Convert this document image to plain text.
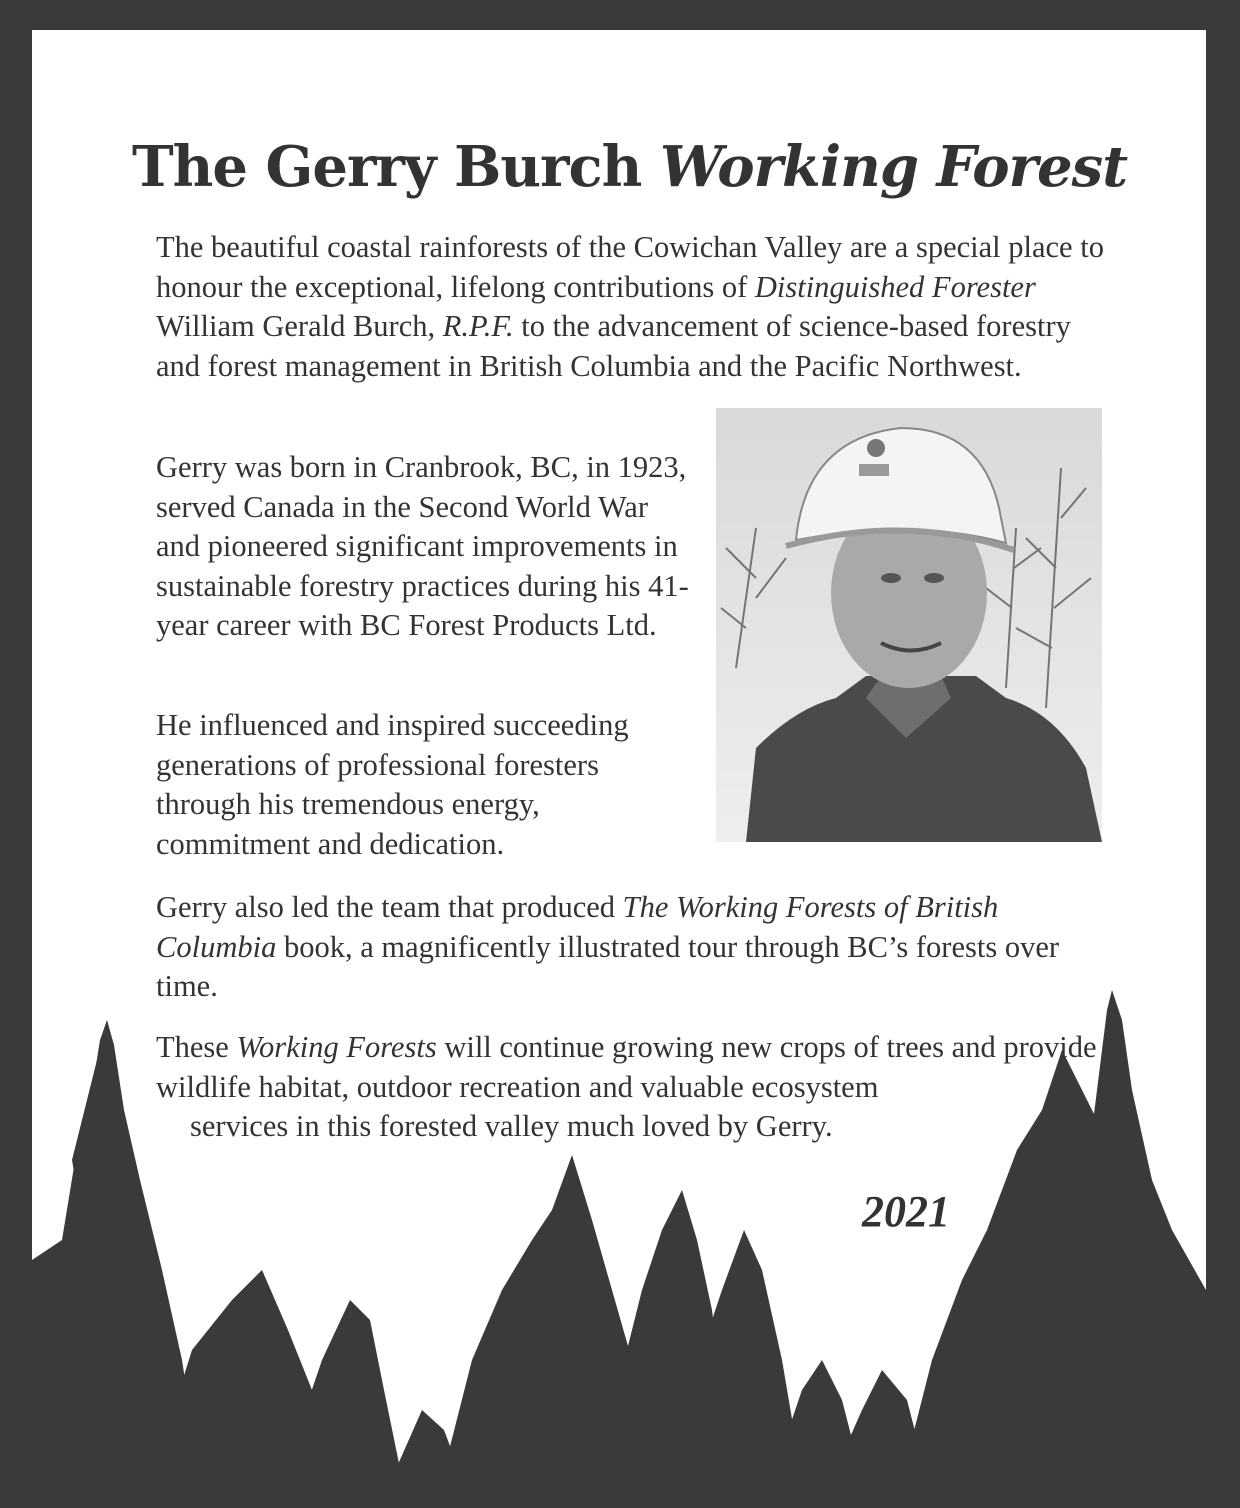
The Gerry Burch Working Forest

The beautiful coastal rainforests of the Cowichan Valley are a special place to honour the exceptional, lifelong contributions of Distinguished Forester William Gerald Burch, R.P.F. to the advancement of science-based forestry and forest management in British Columbia and the Pacific Northwest.

Gerry was born in Cranbrook, BC, in 1923, served Canada in the Second World War and pioneered significant improvements in sustainable forestry practices during his 41-year career with BC Forest Products Ltd.

He influenced and inspired succeeding generations of professional foresters through his tremendous energy, commitment and dedication.

Gerry also led the team that produced The Working Forests of British Columbia book, a magnificently illustrated tour through BC’s forests over time.

These Working Forests will continue growing new crops of trees and provide wildlife habitat, outdoor recreation and valuable ecosystem
services in this forested valley much loved by Gerry.

2021
